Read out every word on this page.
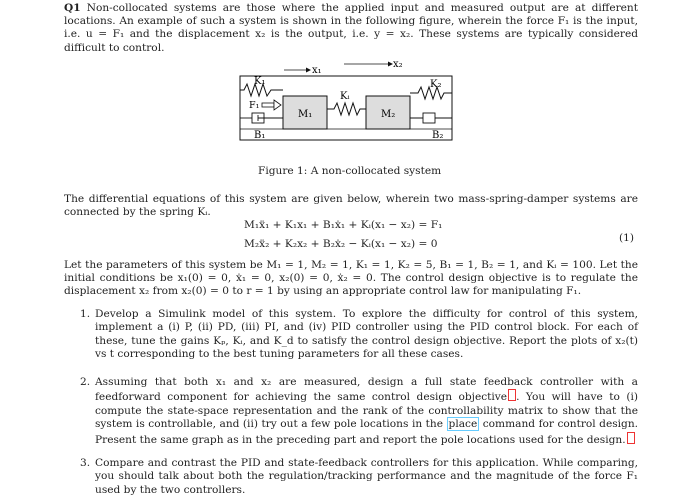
Q1 Non-collocated systems are those where the applied input and measured output are at different locations. An example of such a system is shown in the following figure, wherein the force F₁ is the input, i.e. u = F₁ and the displacement x₂ is the output, i.e. y = x₂. These systems are typically considered difficult to control.
x₁
x₂
K₁
F₁
B₁
M₁
Kᵢ
M₂
K₂
B₂
Figure 1: A non-collocated system
The differential equations of this system are given below, wherein two mass-spring-damper systems are connected by the spring Kᵢ.
M₁ẍ₁ + K₁x₁ + B₁ẋ₁ + Kᵢ(x₁ − x₂) = F₁
M₂ẍ₂ + K₂x₂ + B₂ẋ₂ − Kᵢ(x₁ − x₂) = 0	(1)
Let the parameters of this system be M₁ = 1, M₂ = 1, K₁ = 1, K₂ = 5, B₁ = 1, B₂ = 1, and Kᵢ = 100. Let the initial conditions be x₁(0) = 0, ẋ₁ = 0, x₂(0) = 0, ẋ₂ = 0. The control design objective is to regulate the displacement x₂ from x₂(0) = 0 to r = 1 by using an appropriate control law for manipulating F₁.
1. Develop a Simulink model of this system. To explore the difficulty for control of this system, implement a (i) P, (ii) PD, (iii) PI, and (iv) PID controller using the PID control block. For each of these, tune the gains Kₚ, Kᵢ, and K_d to satisfy the control design objective. Report the plots of x₂(t) vs t corresponding to the best tuning parameters for all these cases.
2. Assuming that both x₁ and x₂ are measured, design a full state feedback controller with a feedforward component for achieving the same control design objective . You will have to (i) compute the state-space representation and the rank of the controllability matrix to show that the system is controllable, and (ii) try out a few pole locations in the place command for control design. Present the same graph as in the preceding part and report the pole locations used for the design.
3. Compare and contrast the PID and state-feedback controllers for this application. While comparing, you should talk about both the regulation/tracking performance and the magnitude of the force F₁ used by the two controllers.
